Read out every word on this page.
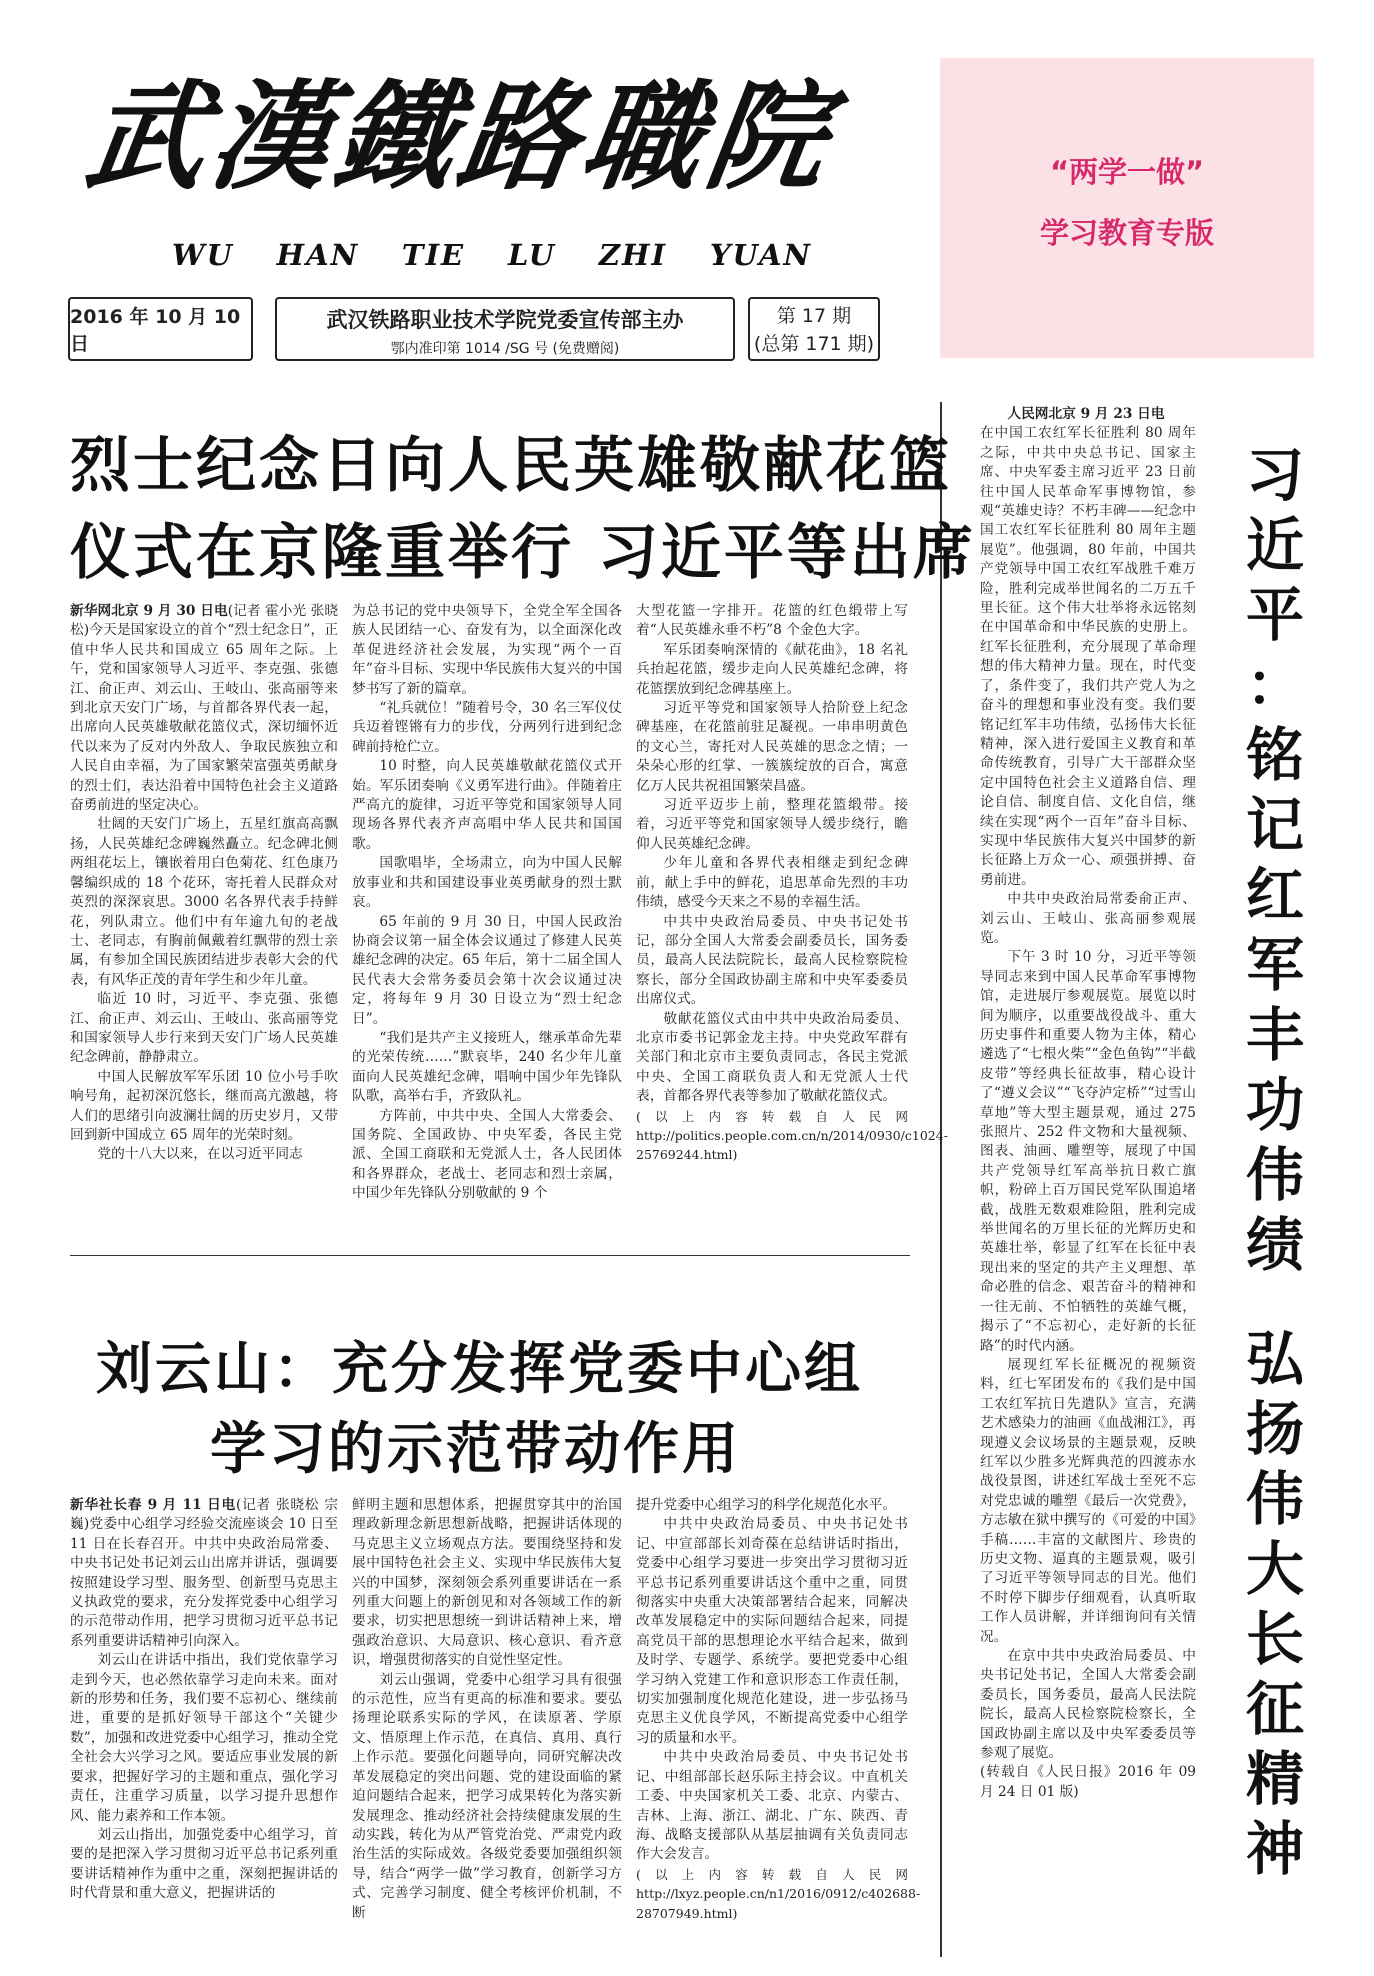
武漢鐵路職院
WU HAN TIE LU ZHI YUAN
“两学一做”
学习教育专版
2016 年 10 月 10 日
武汉铁路职业技术学院党委宣传部主办
鄂内准印第 1014 /SG 号 (免费赠阅)
第 17 期
(总第 171 期)
烈士纪念日向人民英雄敬献花篮
仪式在京隆重举行 习近平等出席

新华网北京 9 月 30 日电(记者 霍小光 张晓松)今天是国家设立的首个“烈士纪念日”，正值中华人民共和国成立 65 周年之际。上午，党和国家领导人习近平、李克强、张德江、俞正声、刘云山、王岐山、张高丽等来到北京天安门广场，与首都各界代表一起，出席向人民英雄敬献花篮仪式，深切缅怀近代以来为了反对内外敌人、争取民族独立和人民自由幸福，为了国家繁荣富强英勇献身的烈士们，表达沿着中国特色社会主义道路奋勇前进的坚定决心。

壮阔的天安门广场上，五星红旗高高飘扬，人民英雄纪念碑巍然矗立。纪念碑北侧两组花坛上，镶嵌着用白色菊花、红色康乃馨编织成的 18 个花环，寄托着人民群众对英烈的深深哀思。3000 名各界代表手持鲜花，列队肃立。他们中有年逾九旬的老战士、老同志，有胸前佩戴着红飘带的烈士亲属，有参加全国民族团结进步表彰大会的代表，有风华正茂的青年学生和少年儿童。

临近 10 时，习近平、李克强、张德江、俞正声、刘云山、王岐山、张高丽等党和国家领导人步行来到天安门广场人民英雄纪念碑前，静静肃立。

中国人民解放军军乐团 10 位小号手吹响号角，起初深沉悠长，继而高亢激越，将人们的思绪引向波澜壮阔的历史岁月，又带回到新中国成立 65 周年的光荣时刻。

党的十八大以来，在以习近平同志

为总书记的党中央领导下，全党全军全国各族人民团结一心、奋发有为，以全面深化改革促进经济社会发展，为实现“两个一百年”奋斗目标、实现中华民族伟大复兴的中国梦书写了新的篇章。

“礼兵就位！”随着号令，30 名三军仪仗兵迈着铿锵有力的步伐，分两列行进到纪念碑前持枪伫立。

10 时整，向人民英雄敬献花篮仪式开始。军乐团奏响《义勇军进行曲》。伴随着庄严高亢的旋律，习近平等党和国家领导人同现场各界代表齐声高唱中华人民共和国国歌。

国歌唱毕，全场肃立，向为中国人民解放事业和共和国建设事业英勇献身的烈士默哀。

65 年前的 9 月 30 日，中国人民政治协商会议第一届全体会议通过了修建人民英雄纪念碑的决定。65 年后，第十二届全国人民代表大会常务委员会第十次会议通过决定，将每年 9 月 30 日设立为“烈士纪念日”。

“我们是共产主义接班人，继承革命先辈的光荣传统……”默哀毕，240 名少年儿童面向人民英雄纪念碑，唱响中国少年先锋队队歌，高举右手，齐致队礼。

方阵前，中共中央、全国人大常委会、国务院、全国政协、中央军委，各民主党派、全国工商联和无党派人士，各人民团体和各界群众，老战士、老同志和烈士亲属，中国少年先锋队分别敬献的 9 个

大型花篮一字排开。花篮的红色缎带上写着“人民英雄永垂不朽”8 个金色大字。

军乐团奏响深情的《献花曲》，18 名礼兵抬起花篮，缓步走向人民英雄纪念碑，将花篮摆放到纪念碑基座上。

习近平等党和国家领导人拾阶登上纪念碑基座，在花篮前驻足凝视。一串串明黄色的文心兰，寄托对人民英雄的思念之情；一朵朵心形的红掌、一簇簇绽放的百合，寓意亿万人民共祝祖国繁荣昌盛。

习近平迈步上前，整理花篮缎带。接着，习近平等党和国家领导人缓步绕行，瞻仰人民英雄纪念碑。

少年儿童和各界代表相继走到纪念碑前，献上手中的鲜花，追思革命先烈的丰功伟绩，感受今天来之不易的幸福生活。

中共中央政治局委员、中央书记处书记，部分全国人大常委会副委员长，国务委员，最高人民法院院长，最高人民检察院检察长，部分全国政协副主席和中央军委委员出席仪式。

敬献花篮仪式由中共中央政治局委员、北京市委书记郭金龙主持。中央党政军群有关部门和北京市主要负责同志，各民主党派中央、全国工商联负责人和无党派人士代表，首都各界代表等参加了敬献花篮仪式。

(以上内容转载自人民网 http://politics.people.com.cn/n/2014/0930/c1024-25769244.html)

刘云山：充分发挥党委中心组
学习的示范带动作用

新华社长春 9 月 11 日电(记者 张晓松 宗巍)党委中心组学习经验交流座谈会 10 日至 11 日在长春召开。中共中央政治局常委、中央书记处书记刘云山出席并讲话，强调要按照建设学习型、服务型、创新型马克思主义执政党的要求，充分发挥党委中心组学习的示范带动作用，把学习贯彻习近平总书记系列重要讲话精神引向深入。

刘云山在讲话中指出，我们党依靠学习走到今天，也必然依靠学习走向未来。面对新的形势和任务，我们要不忘初心、继续前进，重要的是抓好领导干部这个“关键少数”，加强和改进党委中心组学习，推动全党全社会大兴学习之风。要适应事业发展的新要求，把握好学习的主题和重点，强化学习责任，注重学习质量，以学习提升思想作风、能力素养和工作本领。

刘云山指出，加强党委中心组学习，首要的是把深入学习贯彻习近平总书记系列重要讲话精神作为重中之重，深刻把握讲话的时代背景和重大意义，把握讲话的

鲜明主题和思想体系，把握贯穿其中的治国理政新理念新思想新战略，把握讲话体现的马克思主义立场观点方法。要围绕坚持和发展中国特色社会主义、实现中华民族伟大复兴的中国梦，深刻领会系列重要讲话在一系列重大问题上的新创见和对各领域工作的新要求，切实把思想统一到讲话精神上来，增强政治意识、大局意识、核心意识、看齐意识，增强贯彻落实的自觉性坚定性。

刘云山强调，党委中心组学习具有很强的示范性，应当有更高的标准和要求。要弘扬理论联系实际的学风，在读原著、学原文、悟原理上作示范，在真信、真用、真行上作示范。要强化问题导向，同研究解决改革发展稳定的突出问题、党的建设面临的紧迫问题结合起来，把学习成果转化为落实新发展理念、推动经济社会持续健康发展的生动实践，转化为从严管党治党、严肃党内政治生活的实际成效。各级党委要加强组织领导，结合“两学一做”学习教育，创新学习方式、完善学习制度、健全考核评价机制，不断

提升党委中心组学习的科学化规范化水平。

中共中央政治局委员、中央书记处书记、中宣部部长刘奇葆在总结讲话时指出，党委中心组学习要进一步突出学习贯彻习近平总书记系列重要讲话这个重中之重，同贯彻落实中央重大决策部署结合起来，同解决改革发展稳定中的实际问题结合起来，同提高党员干部的思想理论水平结合起来，做到及时学、专题学、系统学。要把党委中心组学习纳入党建工作和意识形态工作责任制，切实加强制度化规范化建设，进一步弘扬马克思主义优良学风，不断提高党委中心组学习的质量和水平。

中共中央政治局委员、中央书记处书记、中组部部长赵乐际主持会议。中直机关工委、中央国家机关工委、北京、内蒙古、吉林、上海、浙江、湖北、广东、陕西、青海、战略支援部队从基层抽调有关负责同志作大会发言。

(以上内容转载自人民网 http://lxyz.people.cn/n1/2016/0912/c402688-28707949.html)

人民网北京 9 月 23 日电

在中国工农红军长征胜利 80 周年之际，中共中央总书记、国家主席、中央军委主席习近平 23 日前往中国人民革命军事博物馆，参观“英雄史诗？不朽丰碑——纪念中国工农红军长征胜利 80 周年主题展览”。他强调，80 年前，中国共产党领导中国工农红军战胜千难万险，胜利完成举世闻名的二万五千里长征。这个伟大壮举将永远铭刻在中国革命和中华民族的史册上。红军长征胜利，充分展现了革命理想的伟大精神力量。现在，时代变了，条件变了，我们共产党人为之奋斗的理想和事业没有变。我们要铭记红军丰功伟绩，弘扬伟大长征精神，深入进行爱国主义教育和革命传统教育，引导广大干部群众坚定中国特色社会主义道路自信、理论自信、制度自信、文化自信，继续在实现“两个一百年”奋斗目标、实现中华民族伟大复兴中国梦的新长征路上万众一心、顽强拼搏、奋勇前进。

中共中央政治局常委俞正声、刘云山、王岐山、张高丽参观展览。

下午 3 时 10 分，习近平等领导同志来到中国人民革命军事博物馆，走进展厅参观展览。展览以时间为顺序，以重要战役战斗、重大历史事件和重要人物为主体，精心遴选了“七根火柴”“金色鱼钩”“半截皮带”等经典长征故事，精心设计了“遵义会议”“飞夺泸定桥”“过雪山草地”等大型主题景观，通过 275 张照片、252 件文物和大量视频、图表、油画、雕塑等，展现了中国共产党领导红军高举抗日救亡旗帜，粉碎上百万国民党军队围追堵截，战胜无数艰难险阻，胜利完成举世闻名的万里长征的光辉历史和英雄壮举，彰显了红军在长征中表现出来的坚定的共产主义理想、革命必胜的信念、艰苦奋斗的精神和一往无前、不怕牺牲的英雄气概，揭示了“不忘初心，走好新的长征路”的时代内涵。

展现红军长征概况的视频资料，红七军团发布的《我们是中国工农红军抗日先遣队》宣言，充满艺术感染力的油画《血战湘江》，再现遵义会议场景的主题景观，反映红军以少胜多光辉典范的四渡赤水战役景图，讲述红军战士至死不忘对党忠诚的雕塑《最后一次党费》，方志敏在狱中撰写的《可爱的中国》手稿……丰富的文献图片、珍贵的历史文物、逼真的主题景观，吸引了习近平等领导同志的目光。他们不时停下脚步仔细观看，认真听取工作人员讲解，并详细询问有关情况。

在京中共中央政治局委员、中央书记处书记，全国人大常委会副委员长，国务委员，最高人民法院院长，最高人民检察院检察长，全国政协副主席以及中央军委委员等参观了展览。

(转载自《人民日报》2016 年 09 月 24 日 01 版)

习
近
平
：
铭
记
红
军
丰
功
伟
绩
弘
扬
伟
大
长
征
精
神
